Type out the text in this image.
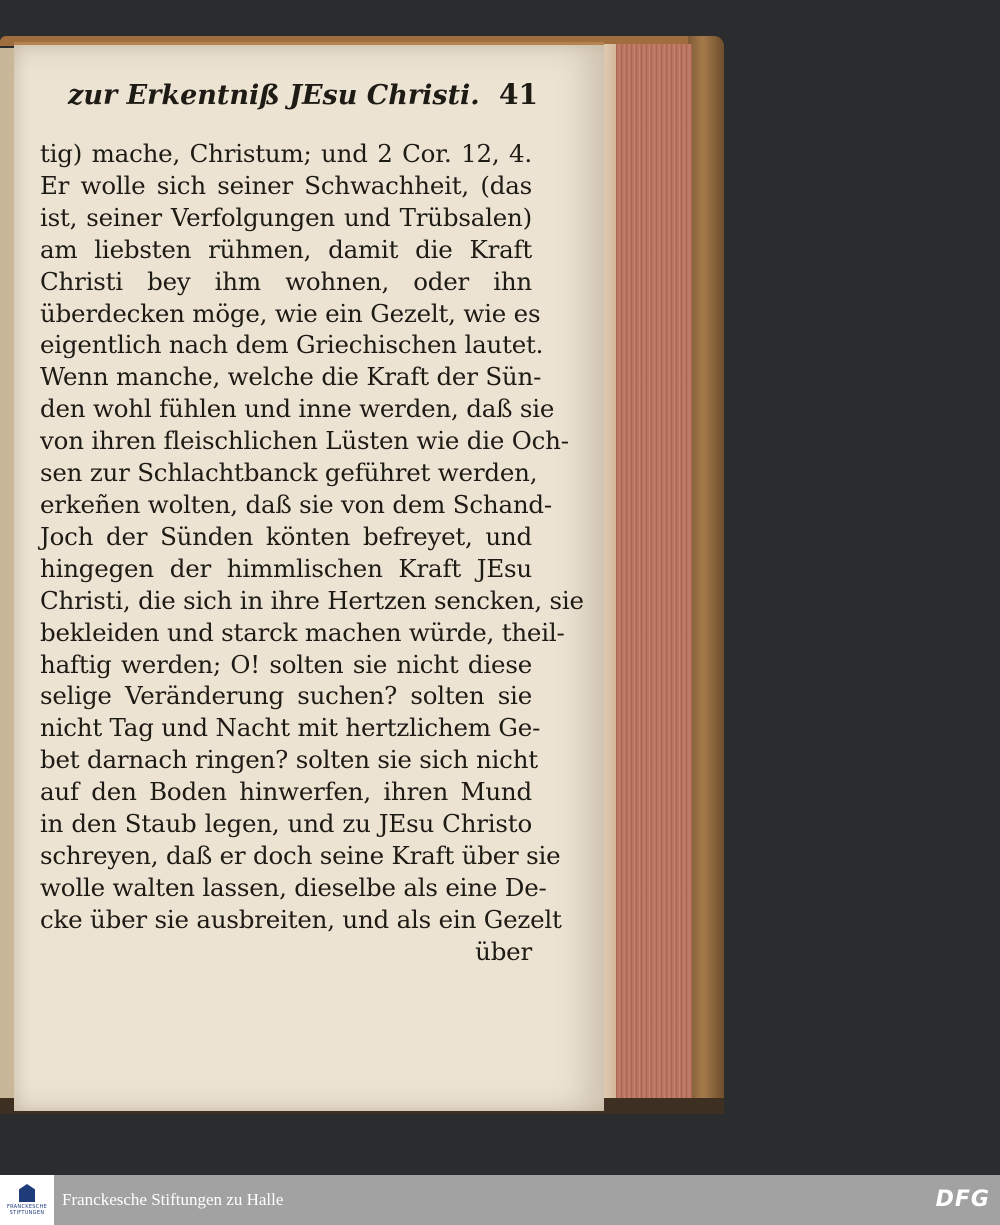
zur Erkentniß JEsu Christi. 41
tig) mache, Christum; und 2 Cor. 12, 4.
Er wolle sich seiner Schwachheit, (das
ist, seiner Verfolgungen und Trübsalen)
am liebsten rühmen, damit die Kraft
Christi bey ihm wohnen, oder ihn
überdecken möge, wie ein Gezelt, wie es
eigentlich nach dem Griechischen lautet.
Wenn manche, welche die Kraft der Sün-
den wohl fühlen und inne werden, daß sie
von ihren fleischlichen Lüsten wie die Och-
sen zur Schlachtbanck geführet werden,
erkeñen wolten, daß sie von dem Schand-
Joch der Sünden könten befreyet, und
hingegen der himmlischen Kraft JEsu
Christi, die sich in ihre Hertzen sencken, sie
bekleiden und starck machen würde, theil-
haftig werden; O! solten sie nicht diese
selige Veränderung suchen? solten sie
nicht Tag und Nacht mit hertzlichem Ge-
bet darnach ringen? solten sie sich nicht
auf den Boden hinwerfen, ihren Mund
in den Staub legen, und zu JEsu Christo
schreyen, daß er doch seine Kraft über sie
wolle walten lassen, dieselbe als eine De-
cke über sie ausbreiten, und als ein Gezelt
über
FRANCKESCHE
STIFTUNGEN
Franckesche Stiftungen zu Halle	DFG
